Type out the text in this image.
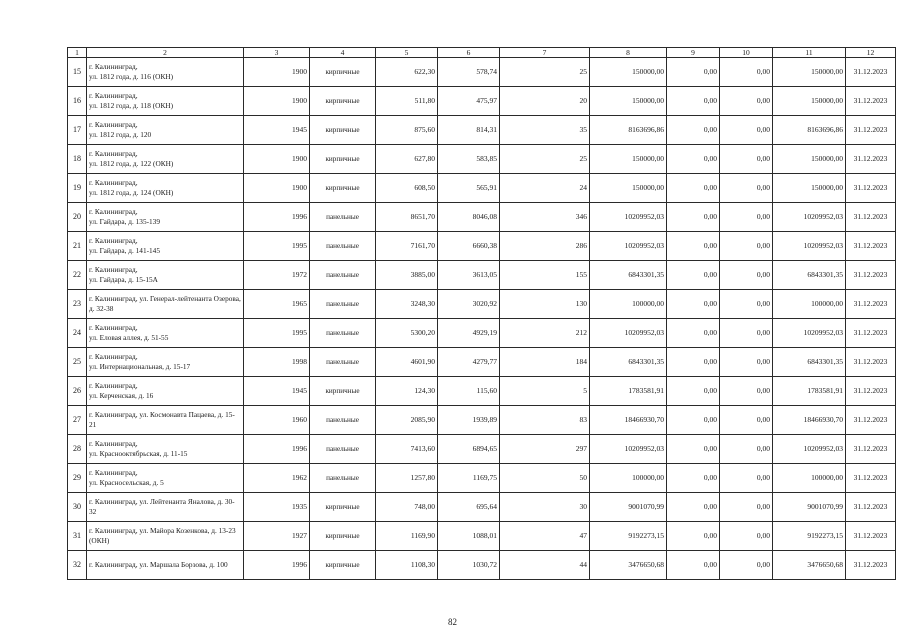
1	2	3	4	5	6	7	8	9	10	11	12
15	г. Калининград,
ул. 1812 года, д. 116 (ОКН)	1900	кирпичные	622,30	578,74	25	150000,00	0,00	0,00	150000,00	31.12.2023
16	г. Калининград,
ул. 1812 года, д. 118 (ОКН)	1900	кирпичные	511,80	475,97	20	150000,00	0,00	0,00	150000,00	31.12.2023
17	г. Калининград,
ул. 1812 года, д. 120	1945	кирпичные	875,60	814,31	35	8163696,86	0,00	0,00	8163696,86	31.12.2023
18	г. Калининград,
ул. 1812 года, д. 122 (ОКН)	1900	кирпичные	627,80	583,85	25	150000,00	0,00	0,00	150000,00	31.12.2023
19	г. Калининград,
ул. 1812 года, д. 124 (ОКН)	1900	кирпичные	608,50	565,91	24	150000,00	0,00	0,00	150000,00	31.12.2023
20	г. Калининград,
ул. Гайдара, д. 135-139	1996	панельные	8651,70	8046,08	346	10209952,03	0,00	0,00	10209952,03	31.12.2023
21	г. Калининград,
ул. Гайдара, д. 141-145	1995	панельные	7161,70	6660,38	286	10209952,03	0,00	0,00	10209952,03	31.12.2023
22	г. Калининград,
ул. Гайдара, д. 15-15А	1972	панельные	3885,00	3613,05	155	6843301,35	0,00	0,00	6843301,35	31.12.2023
23	г. Калининград, ул. Генерал-лейтенанта Озерова, д. 32-38	1965	панельные	3248,30	3020,92	130	100000,00	0,00	0,00	100000,00	31.12.2023
24	г. Калининград,
ул. Еловая аллея, д. 51-55	1995	панельные	5300,20	4929,19	212	10209952,03	0,00	0,00	10209952,03	31.12.2023
25	г. Калининград,
ул. Интернациональная, д. 15-17	1998	панельные	4601,90	4279,77	184	6843301,35	0,00	0,00	6843301,35	31.12.2023
26	г. Калининград,
ул. Керченская, д. 16	1945	кирпичные	124,30	115,60	5	1783581,91	0,00	0,00	1783581,91	31.12.2023
27	г. Калининград, ул. Космонавта Пацаева, д. 15-21	1960	панельные	2085,90	1939,89	83	18466930,70	0,00	0,00	18466930,70	31.12.2023
28	г. Калининград,
ул. Краснооктябрьская, д. 11-15	1996	панельные	7413,60	6894,65	297	10209952,03	0,00	0,00	10209952,03	31.12.2023
29	г. Калининград,
ул. Красносельская, д. 5	1962	панельные	1257,80	1169,75	50	100000,00	0,00	0,00	100000,00	31.12.2023
30	г. Калининград, ул. Лейтенанта Яналова, д. 30-32	1935	кирпичные	748,00	695,64	30	9001070,99	0,00	0,00	9001070,99	31.12.2023
31	г. Калининград, ул. Майора Козенкова, д. 13-23 (ОКН)	1927	кирпичные	1169,90	1088,01	47	9192273,15	0,00	0,00	9192273,15	31.12.2023
32	г. Калининград, ул. Маршала Борзова, д. 100	1996	кирпичные	1108,30	1030,72	44	3476650,68	0,00	0,00	3476650,68	31.12.2023
82
